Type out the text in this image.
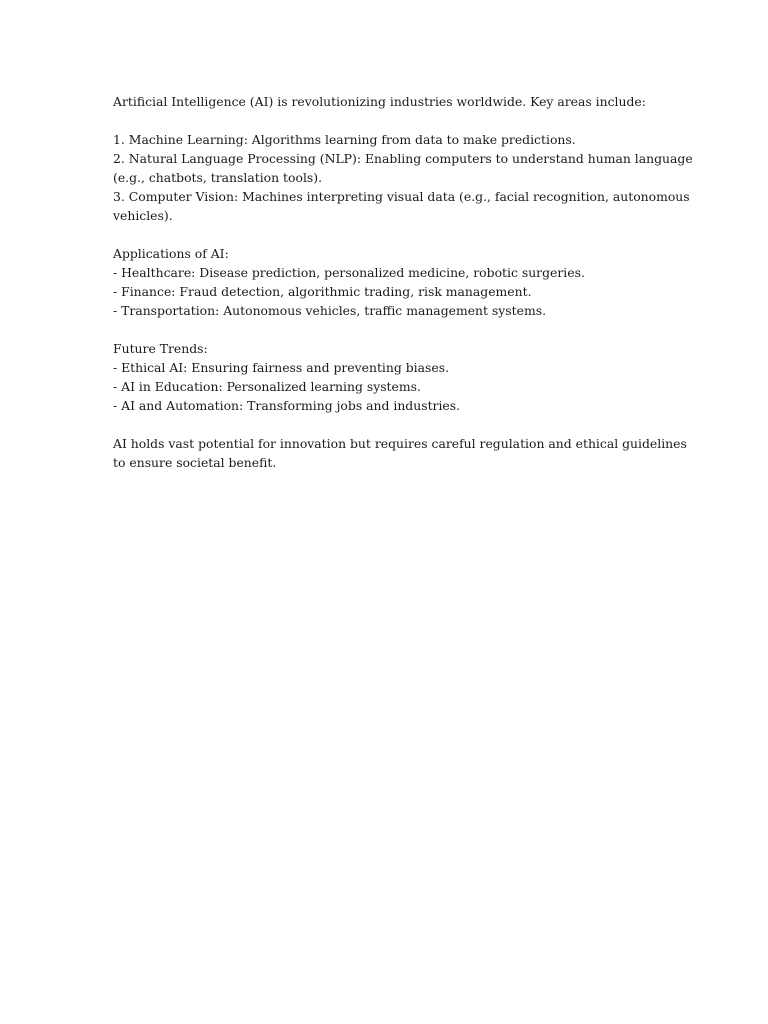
Artificial Intelligence (AI) is revolutionizing industries worldwide. Key areas include:
1. Machine Learning: Algorithms learning from data to make predictions.
2. Natural Language Processing (NLP): Enabling computers to understand human language
(e.g., chatbots, translation tools).
3. Computer Vision: Machines interpreting visual data (e.g., facial recognition, autonomous
vehicles).
Applications of AI:
- Healthcare: Disease prediction, personalized medicine, robotic surgeries.
- Finance: Fraud detection, algorithmic trading, risk management.
- Transportation: Autonomous vehicles, traffic management systems.
Future Trends:
- Ethical AI: Ensuring fairness and preventing biases.
- AI in Education: Personalized learning systems.
- AI and Automation: Transforming jobs and industries.
AI holds vast potential for innovation but requires careful regulation and ethical guidelines
to ensure societal benefit.
